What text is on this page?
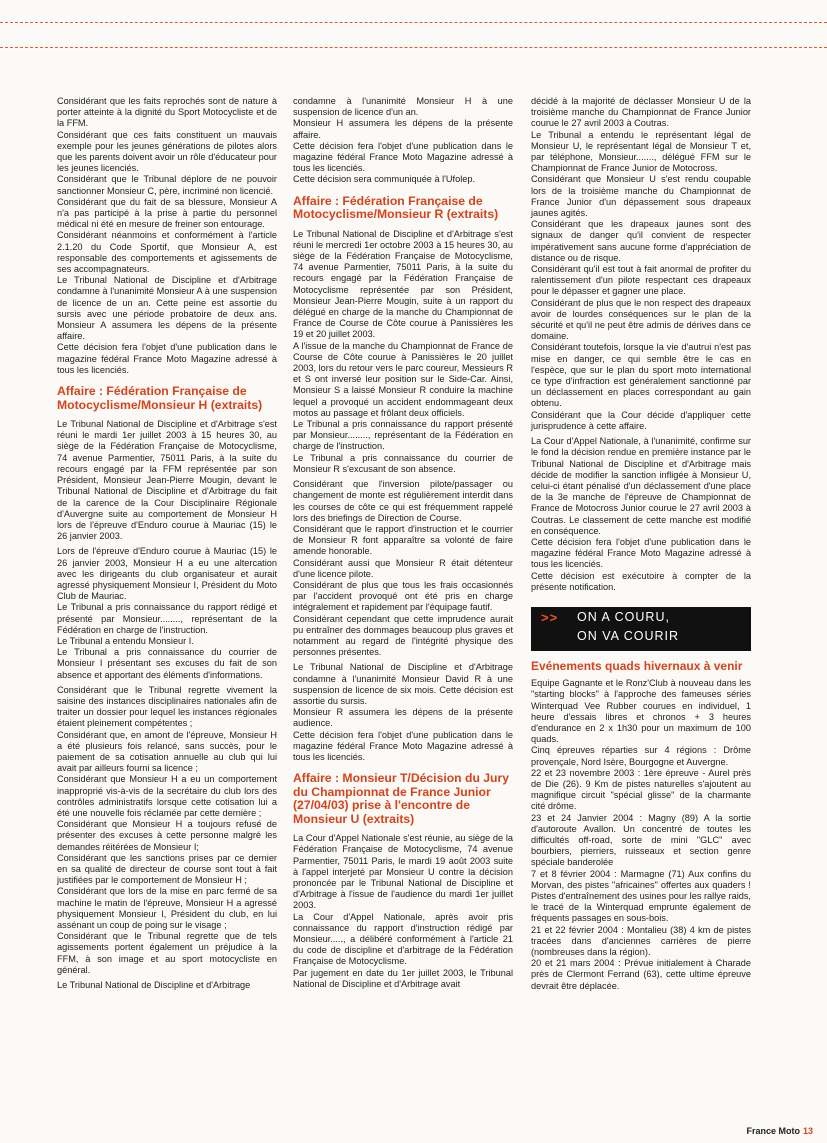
Considérant que les faits reprochés sont de nature à porter atteinte à la dignité du Sport Motocycliste et de la FFM.

Considérant que ces faits constituent un mauvais exemple pour les jeunes générations de pilotes alors que les parents doivent avoir un rôle d'éducateur pour les jeunes licenciés.

Considérant que le Tribunal déplore de ne pouvoir sanctionner Monsieur C, père, incriminé non licencié.

Considérant que du fait de sa blessure, Monsieur A n'a pas participé à la prise à partie du personnel médical ni été en mesure de freiner son entourage.

Considérant néanmoins et conformément à l'article 2.1.20 du Code Sportif, que Monsieur A, est responsable des comportements et agissements de ses accompagnateurs.

Le Tribunal National de Discipline et d'Arbitrage condamne à l'unanimité Monsieur A à une suspension de licence de un an. Cette peine est assortie du sursis avec une période probatoire de deux ans. Monsieur A assumera les dépens de la présente affaire.

Cette décision fera l'objet d'une publication dans le magazine fédéral France Moto Magazine adressé à tous les licenciés.

Affaire : Fédération Française de Motocyclisme/Monsieur H (extraits)

Le Tribunal National de Discipline et d'Arbitrage s'est réuni le mardi 1er juillet 2003 à 15 heures 30, au siège de la Fédération Française de Motocyclisme, 74 avenue Parmentier, 75011 Paris, à la suite du recours engagé par la FFM représentée par son Président, Monsieur Jean-Pierre Mougin, devant le Tribunal National de Discipline et d'Arbitrage du fait de la carence de la Cour Disciplinaire Régionale d'Auvergne suite au comportement de Monsieur H lors de l'épreuve d'Enduro courue à Mauriac (15) le 26 janvier 2003.

Lors de l'épreuve d'Enduro courue à Mauriac (15) le 26 janvier 2003, Monsieur H a eu une altercation avec les dirigeants du club organisateur et aurait agressé physiquement Monsieur I, Président du Moto Club de Mauriac.

Le Tribunal a pris connaissance du rapport rédigé et présenté par Monsieur........, représentant de la Fédération en charge de l'instruction.

Le Tribunal a entendu Monsieur I.

Le Tribunal a pris connaissance du courrier de Monsieur I présentant ses excuses du fait de son absence et apportant des éléments d'informations.

Considérant que le Tribunal regrette vivement la saisine des instances disciplinaires nationales afin de traiter un dossier pour lequel les instances régionales étaient pleinement compétentes ;

Considérant que, en amont de l'épreuve, Monsieur H a été plusieurs fois relancé, sans succès, pour le paiement de sa cotisation annuelle au club qui lui avait par ailleurs fourni sa licence ;

Considérant que Monsieur H a eu un comportement inapproprié vis-à-vis de la secrétaire du club lors des contrôles administratifs lorsque cette cotisation lui a été une nouvelle fois réclamée par cette dernière ;

Considérant que Monsieur H a toujours refusé de présenter des excuses à cette personne malgré les demandes réitérées de Monsieur I;

Considérant que les sanctions prises par ce dernier en sa qualité de directeur de course sont tout à fait justifiées par le comportement de Monsieur H ;

Considérant que lors de la mise en parc fermé de sa machine le matin de l'épreuve, Monsieur H a agressé physiquement Monsieur I, Président du club, en lui assénant un coup de poing sur le visage ;

Considérant que le Tribunal regrette que de tels agissements portent également un préjudice à la FFM, à son image et au sport motocycliste en général.

Le Tribunal National de Discipline et d'Arbitrage

condamne à l'unanimité Monsieur H à une suspension de licence d'un an.

Monsieur H assumera les dépens de la présente affaire.

Cette décision fera l'objet d'une publication dans le magazine fédéral France Moto Magazine adressé à tous les licenciés.

Cette décision sera communiquée à l'Ufolep.

Affaire : Fédération Française de Motocyclisme/Monsieur R (extraits)

Le Tribunal National de Discipline et d'Arbitrage s'est réuni le mercredi 1er octobre 2003 à 15 heures 30, au siège de la Fédération Française de Motocyclisme, 74 avenue Parmentier, 75011 Paris, à la suite du recours engagé par la Fédération Française de Motocyclisme représentée par son Président, Monsieur Jean-Pierre Mougin, suite à un rapport du délégué en charge de la manche du Championnat de France de Course de Côte courue à Panissières les 19 et 20 juillet 2003.

A l'issue de la manche du Championnat de France de Course de Côte courue à Panissières le 20 juillet 2003, lors du retour vers le parc coureur, Messieurs R et S ont inversé leur position sur le Side-Car. Ainsi, Monsieur S a laissé Monsieur R conduire la machine lequel a provoqué un accident endommageant deux motos au passage et frôlant deux officiels.

Le Tribunal a pris connaissance du rapport présenté par Monsieur........, représentant de la Fédération en charge de l'instruction.

Le Tribunal a pris connaissance du courrier de Monsieur R s'excusant de son absence.

Considérant que l'inversion pilote/passager ou changement de monte est régulièrement interdit dans les courses de côte ce qui est fréquemment rappelé lors des briefings de Direction de Course.

Considérant que le rapport d'instruction et le courrier de Monsieur R font apparaître sa volonté de faire amende honorable.

Considérant aussi que Monsieur R était détenteur d'une licence pilote.

Considérant de plus que tous les frais occasionnés par l'accident provoqué ont été pris en charge intégralement et rapidement par l'équipage fautif.

Considérant cependant que cette imprudence aurait pu entraîner des dommages beaucoup plus graves et notamment au regard de l'intégrité physique des personnes présentes.

Le Tribunal National de Discipline et d'Arbitrage condamne à l'unanimité Monsieur David R à une suspension de licence de six mois. Cette décision est assortie du sursis.

Monsieur R assumera les dépens de la présente audience.

Cette décision fera l'objet d'une publication dans le magazine fédéral France Moto Magazine adressé à tous les licenciés.

Affaire : Monsieur T/Décision du Jury du Championnat de France Junior (27/04/03) prise à l'encontre de Monsieur U (extraits)

La Cour d'Appel Nationale s'est réunie, au siège de la Fédération Française de Motocyclisme, 74 avenue Parmentier, 75011 Paris, le mardi 19 août 2003 suite à l'appel interjeté par Monsieur U contre la décision prononcée par le Tribunal National de Discipline et d'Arbitrage à l'issue de l'audience du mardi 1er juillet 2003.

La Cour d'Appel Nationale, après avoir pris connaissance du rapport d'instruction rédigé par Monsieur....., a délibéré conformément à l'article 21 du code de discipline et d'arbitrage de la Fédération Française de Motocyclisme.

Par jugement en date du 1er juillet 2003, le Tribunal National de Discipline et d'Arbitrage avait

décidé à la majorité de déclasser Monsieur U de la troisième manche du Championnat de France Junior courue le 27 avril 2003 à Coutras.

Le Tribunal a entendu le représentant légal de Monsieur U, le représentant légal de Monsieur T et, par téléphone, Monsieur......., délégué FFM sur le Championnat de France Junior de Motocross.

Considérant que Monsieur U s'est rendu coupable lors de la troisième manche du Championnat de France Junior d'un dépassement sous drapeaux jaunes agités.

Considérant que les drapeaux jaunes sont des signaux de danger qu'il convient de respecter impérativement sans aucune forme d'appréciation de distance ou de risque.

Considérant qu'il est tout à fait anormal de profiter du ralentissement d'un pilote respectant ces drapeaux pour le dépasser et gagner une place.

Considérant de plus que le non respect des drapeaux avoir de lourdes conséquences sur le plan de la sécurité et qu'il ne peut être admis de dérives dans ce domaine.

Considérant toutefois, lorsque la vie d'autrui n'est pas mise en danger, ce qui semble être le cas en l'espèce, que sur le plan du sport moto international ce type d'infraction est généralement sanctionné par un déclassement en places correspondant au gain obtenu.

Considérant que la Cour décide d'appliquer cette jurisprudence à cette affaire.

La Cour d'Appel Nationale, à l'unanimité, confirme sur le fond la décision rendue en première instance par le Tribunal National de Discipline et d'Arbitrage mais décide de modifier la sanction infligée à Monsieur U, celui-ci étant pénalisé d'un déclassement d'une place de la 3e manche de l'épreuve de Championnat de France de Motocross Junior courue le 27 avril 2003 à Coutras. Le classement de cette manche est modifié en conséquence.

Cette décision fera l'objet d'une publication dans le magazine fédéral France Moto Magazine adressé à tous les licenciés.

Cette décision est exécutoire à compter de la présente notification.

>> ON A COURU,
ON VA COURIR
Evénements quads hivernaux à venir

Equipe Gagnante et le Ronz'Club à nouveau dans les "starting blocks" à l'approche des fameuses séries Winterquad Vee Rubber courues en individuel, 1 heure d'essais libres et chronos + 3 heures d'endurance en 2 x 1h30 pour un maximum de 100 quads.

Cinq épreuves réparties sur 4 régions : Drôme provençale, Nord Isère, Bourgogne et Auvergne.

22 et 23 novembre 2003 : 1ère épreuve - Aurel près de Die (26). 9 Km de pistes naturelles s'ajoutent au magnifique circuit "spécial glisse" de la charmante cité drôme.

23 et 24 Janvier 2004 : Magny (89) A la sortie d'autoroute Avallon. Un concentré de toutes les difficultés off-road, sorte de mini "GLC" avec bourbiers, pierriers, ruisseaux et section genre spéciale banderolée

7 et 8 février 2004 : Marmagne (71) Aux confins du Morvan, des pistes "africaines" offertes aux quaders ! Pistes d'entraînement des usines pour les rallye raids, le tracé de la Winterquad emprunte également de fréquents passages en sous-bois.

21 et 22 février 2004 : Montalieu (38) 4 km de pistes tracées dans d'anciennes carrières de pierre (nombreuses dans la région).

20 et 21 mars 2004 : Prévue initialement à Charade près de Clermont Ferrand (63), cette ultime épreuve devrait être déplacée.

France Moto 13
